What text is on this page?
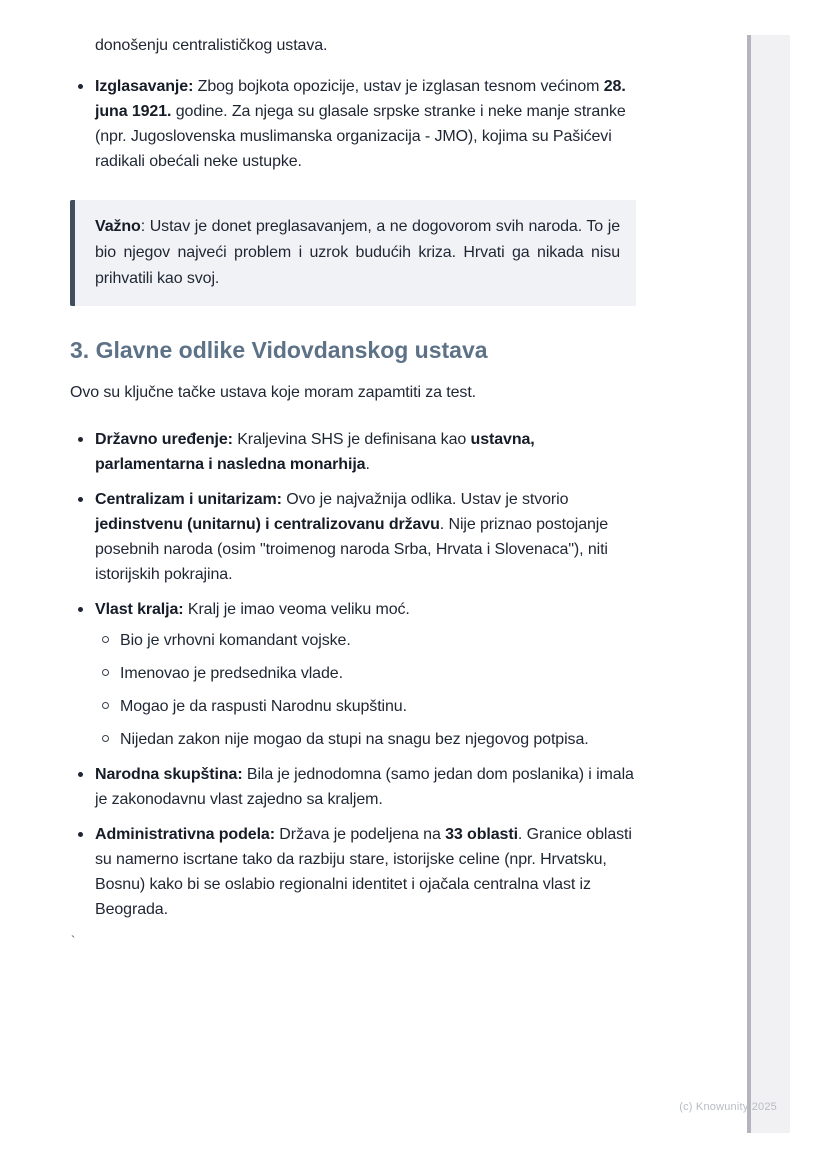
donošenju centralističkog ustava.
Izglasavanje: Zbog bojkota opozicije, ustav je izglasan tesnom većinom 28. juna 1921. godine. Za njega su glasale srpske stranke i neke manje stranke (npr. Jugoslovenska muslimanska organizacija - JMO), kojima su Pašićevi radikali obećali neke ustupke.
Važno: Ustav je donet preglasavanjem, a ne dogovorom svih naroda. To je bio njegov najveći problem i uzrok budućih kriza. Hrvati ga nikada nisu prihvatili kao svoj.
3. Glavne odlike Vidovdanskog ustava

Ovo su ključne tačke ustava koje moram zapamtiti za test.

Državno uređenje: Kraljevina SHS je definisana kao ustavna, parlamentarna i nasledna monarhija.
Centralizam i unitarizam: Ovo je najvažnija odlika. Ustav je stvorio jedinstvenu (unitarnu) i centralizovanu državu. Nije priznao postojanje posebnih naroda (osim "troimenog naroda Srba, Hrvata i Slovenaca"), niti istorijskih pokrajina.
Vlast kralja: Kralj je imao veoma veliku moć.
Bio je vrhovni komandant vojske.
Imenovao je predsednika vlade.
Mogao je da raspusti Narodnu skupštinu.
Nijedan zakon nije mogao da stupi na snagu bez njegovog potpisa.
Narodna skupština: Bila je jednodomna (samo jedan dom poslanika) i imala je zakonodavnu vlast zajedno sa kraljem.
Administrativna podela: Država je podeljena na 33 oblasti. Granice oblasti su namerno iscrtane tako da razbiju stare, istorijske celine (npr. Hrvatsku, Bosnu) kako bi se oslabio regionalni identitet i ojačala centralna vlast iz Beograda.
`
(c) Knowunity 2025
